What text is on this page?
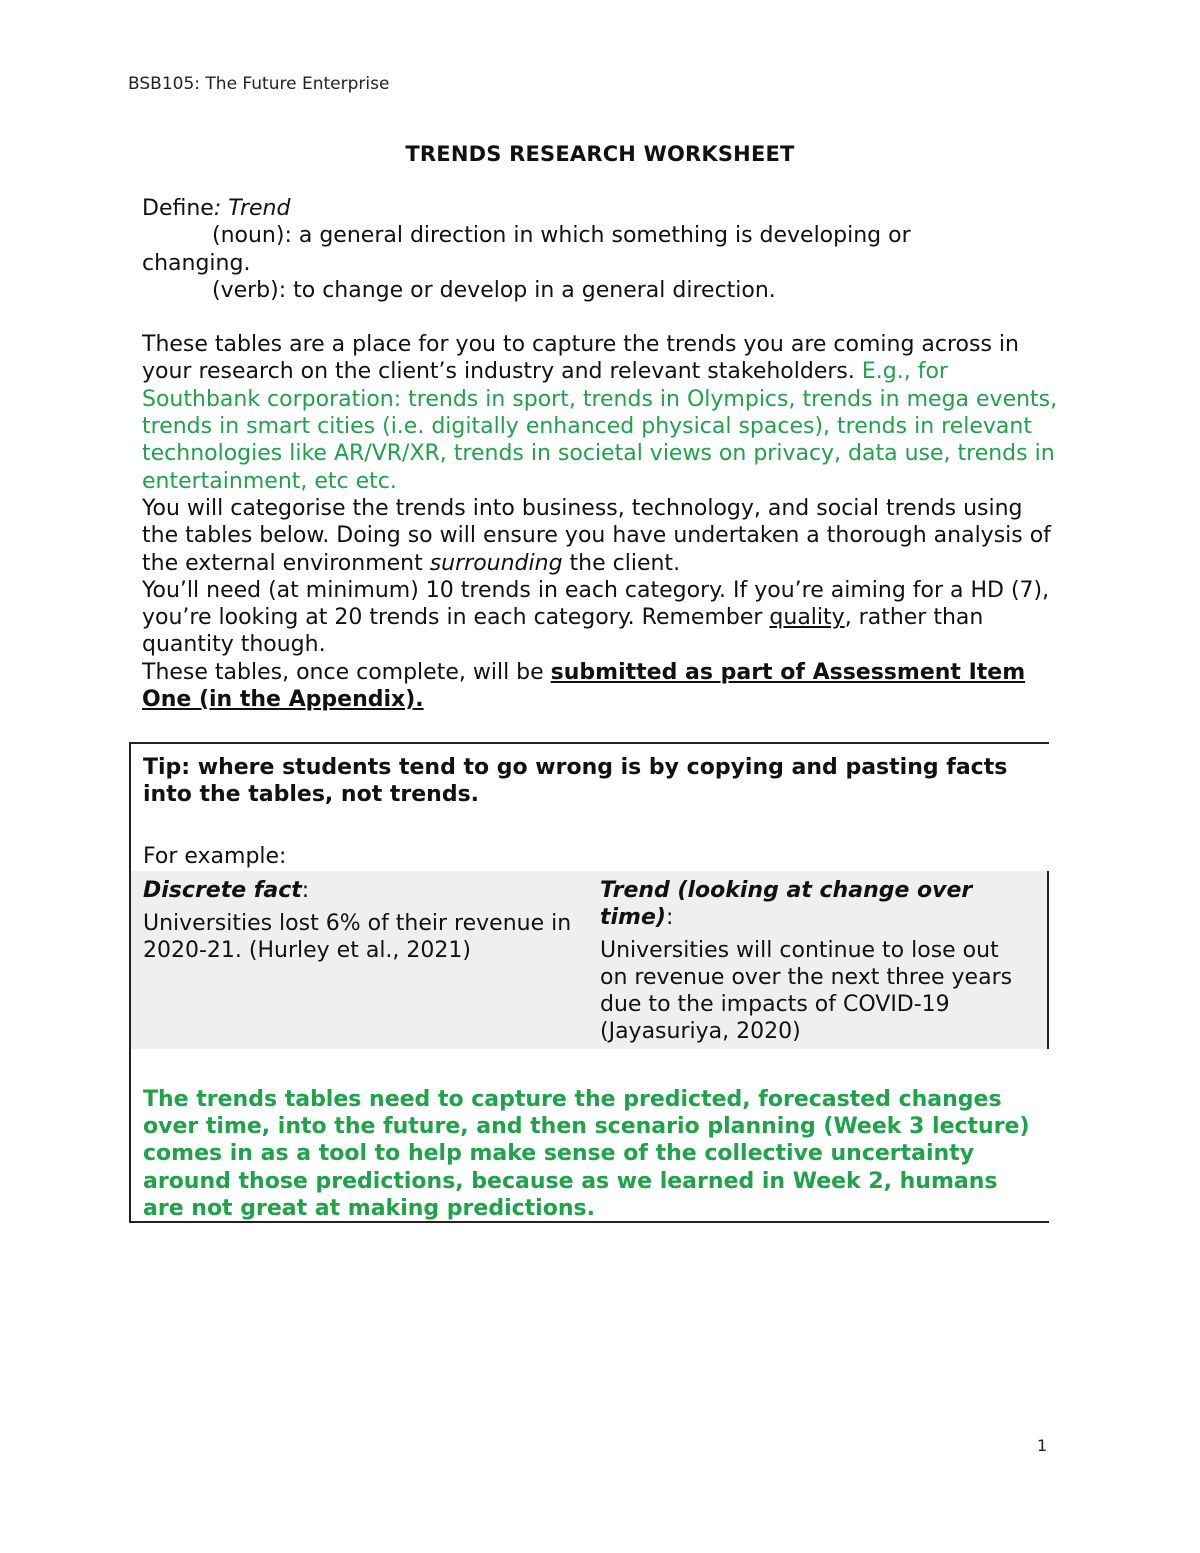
BSB105: The Future Enterprise
TRENDS RESEARCH WORKSHEET

Define: Trend

(noun): a general direction in which something is developing or

changing.

(verb): to change or develop in a general direction.

These tables are a place for you to capture the trends you are coming across in your research on the client’s industry and relevant stakeholders. E.g., for Southbank corporation: trends in sport, trends in Olympics, trends in mega events, trends in smart cities (i.e. digitally enhanced physical spaces), trends in relevant technologies like AR/VR/XR, trends in societal views on privacy, data use, trends in entertainment, etc etc.

You will categorise the trends into business, technology, and social trends using the tables below. Doing so will ensure you have undertaken a thorough analysis of the external environment surrounding the client.

You’ll need (at minimum) 10 trends in each category. If you’re aiming for a HD (7), you’re looking at 20 trends in each category. Remember quality, rather than quantity though.

These tables, once complete, will be submitted as part of Assessment Item One (in the Appendix).

Tip: where students tend to go wrong is by copying and pasting facts into the tables, not trends.
For example:
Discrete fact:
Universities lost 6% of their revenue in 2020-21. (Hurley et al., 2021)
Trend (looking at change over time):
Universities will continue to lose out on revenue over the next three years due to the impacts of COVID-19 (Jayasuriya, 2020)
The trends tables need to capture the predicted, forecasted changes over time, into the future, and then scenario planning (Week 3 lecture) comes in as a tool to help make sense of the collective uncertainty around those predictions, because as we learned in Week 2, humans are not great at making predictions.
1
